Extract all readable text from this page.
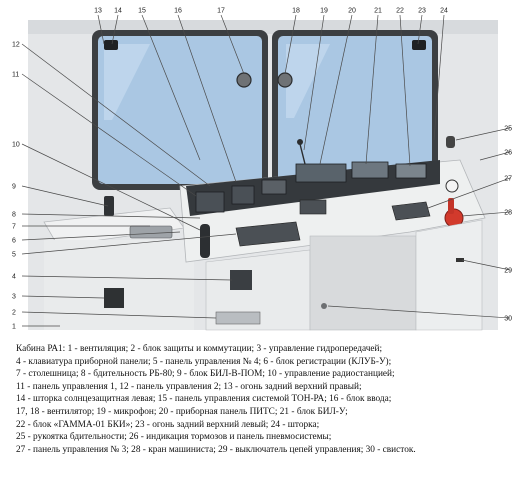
13 14 15	16	17	18	19	20	21 22 23 24
12
11
10
9
8
7
6
5
4
3
2
1
25
26
27
28
29
30
Кабина РА1: 1 - вентиляция; 2 - блок защиты и коммутации; 3 - управление гидропередачей;
4 - клавиатура приборной панели; 5 - панель управления № 4; 6 - блок регистрации (КЛУБ-У);
7 - столешница; 8 - бдительность РБ-80; 9 - блок БИЛ-В-ПОМ; 10 - управление радиостанцией;
11 - панель управления 1, 12 - панель управления 2; 13 - огонь задний верхний правый;
14 - шторка солнцезащитная левая; 15 - панель управления системой ТОН-РА; 16 - блок ввода;
17, 18 - вентилятор; 19 - микрофон; 20 - приборная панель ПИТС; 21 - блок БИЛ-У;
22 - блок «ГАММА-01 БКИ»; 23 - огонь задний верхний левый; 24 - шторка;
25 - рукоятка бдительности; 26 - индикация тормозов и панель пневмосистемы;
27 - панель управления № 3; 28 - кран машиниста; 29 - выключатель цепей управления; 30 - свисток.
